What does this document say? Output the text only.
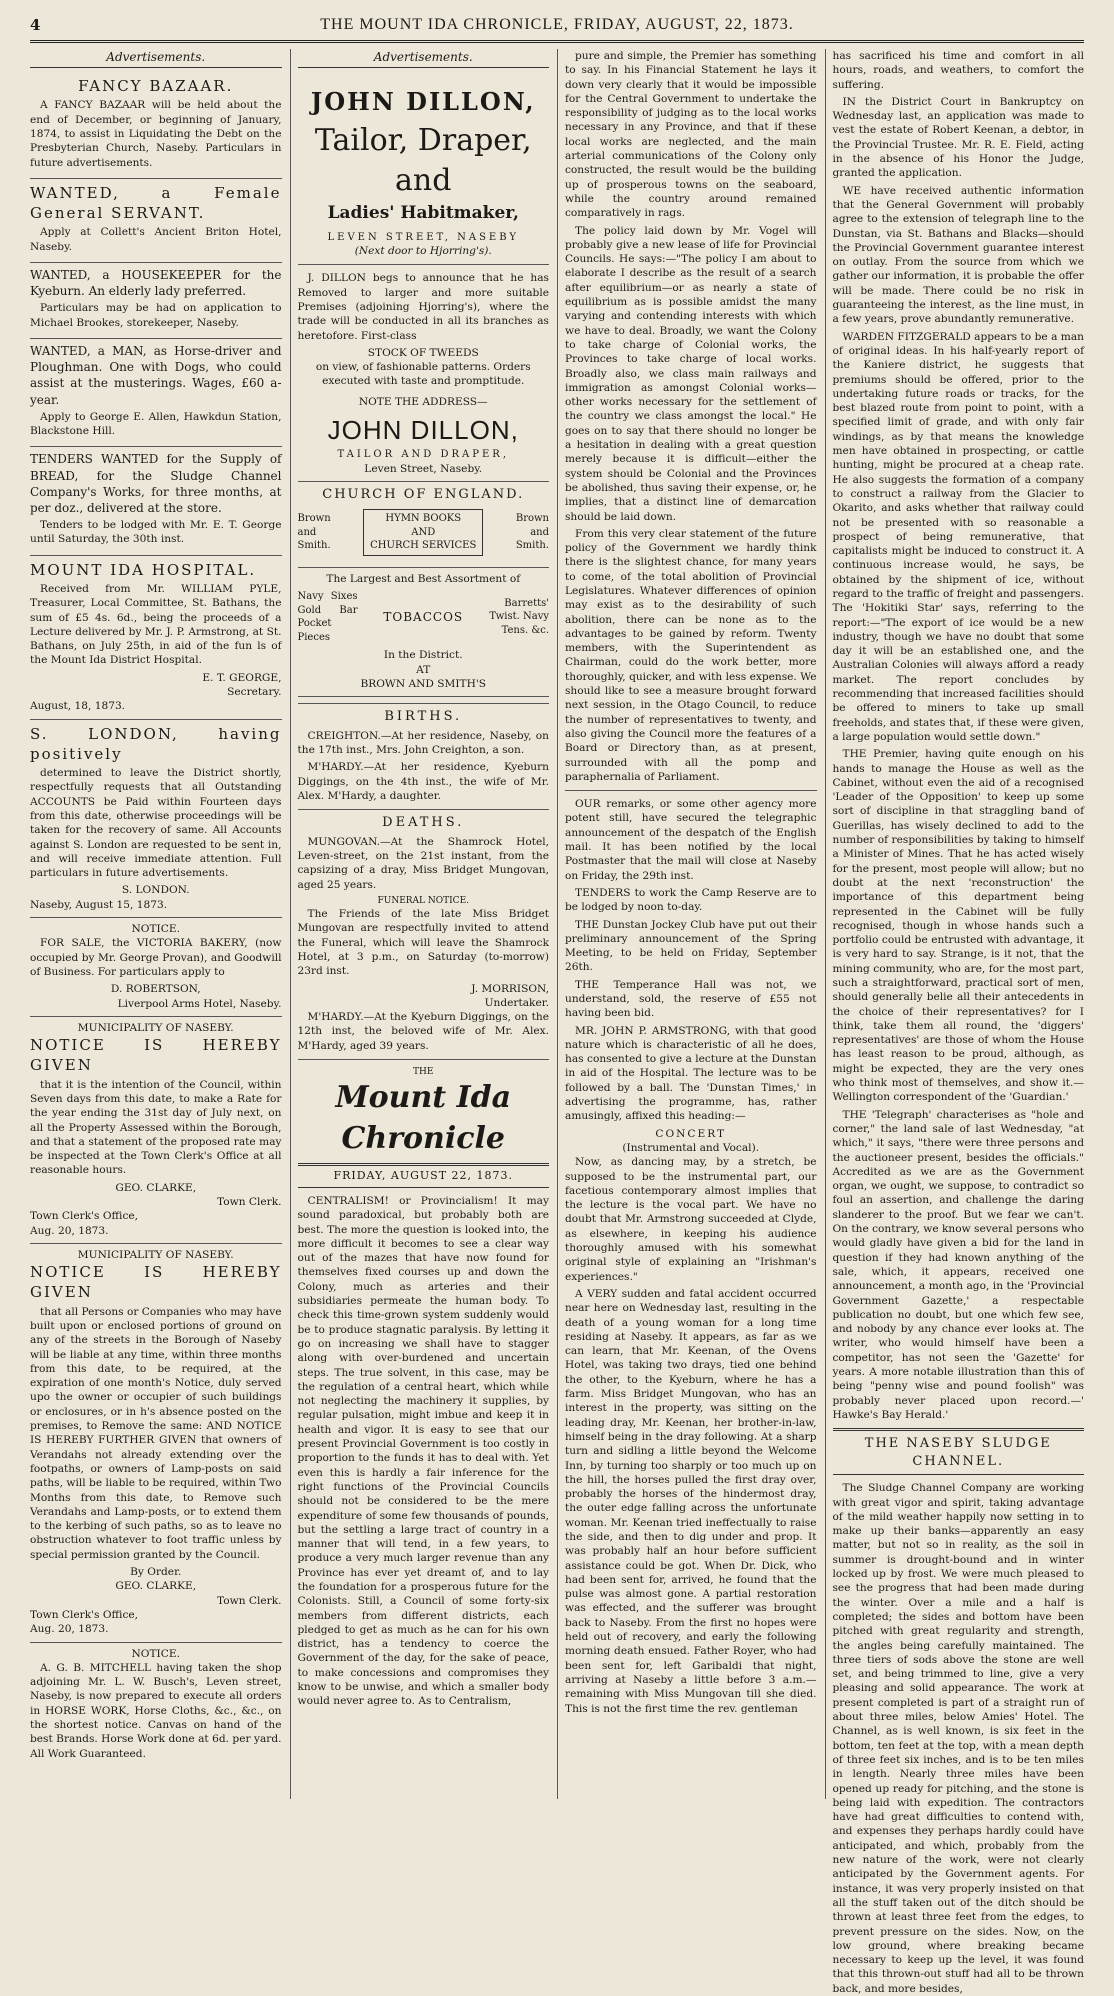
4	THE MOUNT IDA CHRONICLE, FRIDAY, AUGUST, 22, 1873.
Advertisements.
FANCY BAZAAR.

A FANCY BAZAAR will be held about the end of December, or beginning of January, 1874, to assist in Liquidating the Debt on the Presbyterian Church, Naseby. Particulars in future advertisements.

WANTED, a Female General SERVANT.

Apply at Collett's Ancient Briton Hotel, Naseby.

WANTED, a HOUSEKEEPER for the Kyeburn. An elderly lady preferred.

Particulars may be had on application to Michael Brookes, storekeeper, Naseby.

WANTED, a MAN, as Horse-driver and Ploughman. One with Dogs, who could assist at the musterings. Wages, £60 a-year.

Apply to George E. Allen, Hawkdun Station, Blackstone Hill.

TENDERS WANTED for the Supply of BREAD, for the Sludge Channel Company's Works, for three months, at per doz., delivered at the store.

Tenders to be lodged with Mr. E. T. George until Saturday, the 30th inst.

MOUNT IDA HOSPITAL.

Received from Mr. WILLIAM PYLE, Treasurer, Local Committee, St. Bathans, the sum of £5 4s. 6d., being the proceeds of a Lecture delivered by Mr. J. P. Armstrong, at St. Bathans, on July 25th, in aid of the fun ls of the Mount Ida District Hospital.

E. T. GEORGE,
Secretary.
August, 18, 1873.
S. LONDON, having positively

determined to leave the District shortly, respectfully requests that all Outstanding ACCOUNTS be Paid within Fourteen days from this date, otherwise proceedings will be taken for the recovery of same. All Accounts against S. London are requested to be sent in, and will receive immediate attention. Full particulars in future advertisements.

S. LONDON.
Naseby, August 15, 1873.
NOTICE.

FOR SALE, the VICTORIA BAKERY, (now occupied by Mr. George Provan), and Goodwill of Business. For particulars apply to

D. ROBERTSON,
Liverpool Arms Hotel, Naseby.
MUNICIPALITY OF NASEBY.
NOTICE IS HEREBY GIVEN

that it is the intention of the Council, within Seven days from this date, to make a Rate for the year ending the 31st day of July next, on all the Property Assessed within the Borough, and that a statement of the proposed rate may be inspected at the Town Clerk's Office at all reasonable hours.

GEO. CLARKE,
Town Clerk.
Town Clerk's Office,
Aug. 20, 1873.
MUNICIPALITY OF NASEBY.
NOTICE IS HEREBY GIVEN

that all Persons or Companies who may have built upon or enclosed portions of ground on any of the streets in the Borough of Naseby will be liable at any time, within three months from this date, to be required, at the expiration of one month's Notice, duly served upo the owner or occupier of such buildings or enclosures, or in h's absence posted on the premises, to Remove the same: AND NOTICE IS HEREBY FURTHER GIVEN that owners of Verandahs not already extending over the footpaths, or owners of Lamp-posts on said paths, will be liable to be required, within Two Months from this date, to Remove such Verandahs and Lamp-posts, or to extend them to the kerbing of such paths, so as to leave no obstruction whatever to foot traffic unless by special permission granted by the Council.

By Order.
GEO. CLARKE,
Town Clerk.
Town Clerk's Office,
Aug. 20, 1873.
NOTICE.

A. G. B. MITCHELL having taken the shop adjoining Mr. L. W. Busch's, Leven street, Naseby, is now prepared to execute all orders in HORSE WORK, Horse Cloths, &c., &c., on the shortest notice. Canvas on hand of the best Brands. Horse Work done at 6d. per yard. All Work Guaranteed.

Advertisements.
JOHN DILLON,
Tailor, Draper, and
Ladies' Habitmaker,
LEVEN STREET, NASEBY
(Next door to Hjorring's).

J. DILLON begs to announce that he has Removed to larger and more suitable Premises (adjoining Hjorring's), where the trade will be conducted in all its branches as heretofore. First-class

STOCK OF TWEEDS

on view, of fashionable patterns. Orders executed with taste and promptitude.

NOTE THE ADDRESS—
JOHN DILLON,
TAILOR AND DRAPER,
Leven Street, Naseby.
CHURCH OF ENGLAND.
Brown and Smith.
HYMN BOOKS
AND
CHURCH SERVICES
Brown and Smith.
The Largest and Best Assortment of
Navy Sixes Gold Bar Pocket Pieces
TOBACCOS
Barretts' Twist. Navy Tens. &c.
In the District.
AT
BROWN AND SMITH'S
BIRTHS.

CREIGHTON.—At her residence, Naseby, on the 17th inst., Mrs. John Creighton, a son.

M'HARDY.—At her residence, Kyeburn Diggings, on the 4th inst., the wife of Mr. Alex. M'Hardy, a daughter.

DEATHS.

MUNGOVAN.—At the Shamrock Hotel, Leven-street, on the 21st instant, from the capsizing of a dray, Miss Bridget Mungovan, aged 25 years.

FUNERAL NOTICE.

The Friends of the late Miss Bridget Mungovan are respectfully invited to attend the Funeral, which will leave the Shamrock Hotel, at 3 p.m., on Saturday (to-morrow) 23rd inst.

J. MORRISON,
Undertaker.

M'HARDY.—At the Kyeburn Diggings, on the 12th inst, the beloved wife of Mr. Alex. M'Hardy, aged 39 years.

THE
Mount Ida Chronicle
FRIDAY, AUGUST 22, 1873.

CENTRALISM! or Provincialism! It may sound paradoxical, but probably both are best. The more the question is looked into, the more difficult it becomes to see a clear way out of the mazes that have now found for themselves fixed courses up and down the Colony, much as arteries and their subsidiaries permeate the human body. To check this time-grown system suddenly would be to produce stagnatic paralysis. By letting it go on increasing we shall have to stagger along with over-burdened and uncertain steps. The true solvent, in this case, may be the regulation of a central heart, which while not neglecting the machinery it supplies, by regular pulsation, might imbue and keep it in health and vigor. It is easy to see that our present Provincial Government is too costly in proportion to the funds it has to deal with. Yet even this is hardly a fair inference for the right functions of the Provincial Councils should not be considered to be the mere expenditure of some few thousands of pounds, but the settling a large tract of country in a manner that will tend, in a few years, to produce a very much larger revenue than any Province has ever yet dreamt of, and to lay the foundation for a prosperous future for the Colonists. Still, a Council of some forty-six members from different districts, each pledged to get as much as he can for his own district, has a tendency to coerce the Government of the day, for the sake of peace, to make concessions and compromises they know to be unwise, and which a smaller body would never agree to. As to Centralism,

pure and simple, the Premier has something to say. In his Financial Statement he lays it down very clearly that it would be impossible for the Central Government to undertake the responsibility of judging as to the local works necessary in any Province, and that if these local works are neglected, and the main arterial communications of the Colony only constructed, the result would be the building up of prosperous towns on the seaboard, while the country around remained comparatively in rags.

The policy laid down by Mr. Vogel will probably give a new lease of life for Provincial Councils. He says:—"The policy I am about to elaborate I describe as the result of a search after equilibrium—or as nearly a state of equilibrium as is possible amidst the many varying and contending interests with which we have to deal. Broadly, we want the Colony to take charge of Colonial works, the Provinces to take charge of local works. Broadly also, we class main railways and immigration as amongst Colonial works—other works necessary for the settlement of the country we class amongst the local." He goes on to say that there should no longer be a hesitation in dealing with a great question merely because it is difficult—either the system should be Colonial and the Provinces be abolished, thus saving their expense, or, he implies, that a distinct line of demarcation should be laid down.

From this very clear statement of the future policy of the Government we hardly think there is the slightest chance, for many years to come, of the total abolition of Provincial Legislatures. Whatever differences of opinion may exist as to the desirability of such abolition, there can be none as to the advantages to be gained by reform. Twenty members, with the Superintendent as Chairman, could do the work better, more thoroughly, quicker, and with less expense. We should like to see a measure brought forward next session, in the Otago Council, to reduce the number of representatives to twenty, and also giving the Council more the features of a Board or Directory than, as at present, surrounded with all the pomp and paraphernalia of Parliament.

OUR remarks, or some other agency more potent still, have secured the telegraphic announcement of the despatch of the English mail. It has been notified by the local Postmaster that the mail will close at Naseby on Friday, the 29th inst.

TENDERS to work the Camp Reserve are to be lodged by noon to-day.

THE Dunstan Jockey Club have put out their preliminary announcement of the Spring Meeting, to be held on Friday, September 26th.

THE Temperance Hall was not, we understand, sold, the reserve of £55 not having been bid.

MR. JOHN P. ARMSTRONG, with that good nature which is characteristic of all he does, has consented to give a lecture at the Dunstan in aid of the Hospital. The lecture was to be followed by a ball. The 'Dunstan Times,' in advertising the programme, has, rather amusingly, affixed this heading:—

CONCERT
(Instrumental and Vocal).

Now, as dancing may, by a stretch, be supposed to be the instrumental part, our facetious contemporary almost implies that the lecture is the vocal part. We have no doubt that Mr. Armstrong succeeded at Clyde, as elsewhere, in keeping his audience thoroughly amused with his somewhat original style of explaining an "Irishman's experiences."

A VERY sudden and fatal accident occurred near here on Wednesday last, resulting in the death of a young woman for a long time residing at Naseby. It appears, as far as we can learn, that Mr. Keenan, of the Ovens Hotel, was taking two drays, tied one behind the other, to the Kyeburn, where he has a farm. Miss Bridget Mungovan, who has an interest in the property, was sitting on the leading dray, Mr. Keenan, her brother-in-law, himself being in the dray following. At a sharp turn and sidling a little beyond the Welcome Inn, by turning too sharply or too much up on the hill, the horses pulled the first dray over, probably the horses of the hindermost dray, the outer edge falling across the unfortunate woman. Mr. Keenan tried ineffectually to raise the side, and then to dig under and prop. It was probably half an hour before sufficient assistance could be got. When Dr. Dick, who had been sent for, arrived, he found that the pulse was almost gone. A partial restoration was effected, and the sufferer was brought back to Naseby. From the first no hopes were held out of recovery, and early the following morning death ensued. Father Royer, who had been sent for, left Garibaldi that night, arriving at Naseby a little before 3 a.m.—remaining with Miss Mungovan till she died. This is not the first time the rev. gentleman

has sacrificed his time and comfort in all hours, roads, and weathers, to comfort the suffering.

IN the District Court in Bankruptcy on Wednesday last, an application was made to vest the estate of Robert Keenan, a debtor, in the Provincial Trustee. Mr. R. E. Field, acting in the absence of his Honor the Judge, granted the application.

WE have received authentic information that the General Government will probably agree to the extension of telegraph line to the Dunstan, via St. Bathans and Blacks—should the Provincial Government guarantee interest on outlay. From the source from which we gather our information, it is probable the offer will be made. There could be no risk in guaranteeing the interest, as the line must, in a few years, prove abundantly remunerative.

WARDEN FITZGERALD appears to be a man of original ideas. In his half-yearly report of the Kaniere district, he suggests that premiums should be offered, prior to the undertaking future roads or tracks, for the best blazed route from point to point, with a specified limit of grade, and with only fair windings, as by that means the knowledge men have obtained in prospecting, or cattle hunting, might be procured at a cheap rate. He also suggests the formation of a company to construct a railway from the Glacier to Okarito, and asks whether that railway could not be presented with so reasonable a prospect of being remunerative, that capitalists might be induced to construct it. A continuous increase would, he says, be obtained by the shipment of ice, without regard to the traffic of freight and passengers. The 'Hokitiki Star' says, referring to the report:—"The export of ice would be a new industry, though we have no doubt that some day it will be an established one, and the Australian Colonies will always afford a ready market. The report concludes by recommending that increased facilities should be offered to miners to take up small freeholds, and states that, if these were given, a large population would settle down."

THE Premier, having quite enough on his hands to manage the House as well as the Cabinet, without even the aid of a recognised 'Leader of the Opposition' to keep up some sort of discipline in that straggling band of Guerillas, has wisely declined to add to the number of responsibilities by taking to himself a Minister of Mines. That he has acted wisely for the present, most people will allow; but no doubt at the next 'reconstruction' the importance of this department being represented in the Cabinet will be fully recognised, though in whose hands such a portfolio could be entrusted with advantage, it is very hard to say. Strange, is it not, that the mining community, who are, for the most part, such a straightforward, practical sort of men, should generally belie all their antecedents in the choice of their representatives? for I think, take them all round, the 'diggers' representatives' are those of whom the House has least reason to be proud, although, as might be expected, they are the very ones who think most of themselves, and show it.—Wellington correspondent of the 'Guardian.'

THE 'Telegraph' characterises as "hole and corner," the land sale of last Wednesday, "at which," it says, "there were three persons and the auctioneer present, besides the officials." Accredited as we are as the Government organ, we ought, we suppose, to contradict so foul an assertion, and challenge the daring slanderer to the proof. But we fear we can't. On the contrary, we know several persons who would gladly have given a bid for the land in question if they had known anything of the sale, which, it appears, received one announcement, a month ago, in the 'Provincial Government Gazette,' a respectable publication no doubt, but one which few see, and nobody by any chance ever looks at. The writer, who would himself have been a competitor, has not seen the 'Gazette' for years. A more notable illustration than this of being "penny wise and pound foolish" was probably never placed upon record.—' Hawke's Bay Herald.'

THE NASEBY SLUDGE CHANNEL.

The Sludge Channel Company are working with great vigor and spirit, taking advantage of the mild weather happily now setting in to make up their banks—apparently an easy matter, but not so in reality, as the soil in summer is drought-bound and in winter locked up by frost. We were much pleased to see the progress that had been made during the winter. Over a mile and a half is completed; the sides and bottom have been pitched with great regularity and strength, the angles being carefully maintained. The three tiers of sods above the stone are well set, and being trimmed to line, give a very pleasing and solid appearance. The work at present completed is part of a straight run of about three miles, below Amies' Hotel. The Channel, as is well known, is six feet in the bottom, ten feet at the top, with a mean depth of three feet six inches, and is to be ten miles in length. Nearly three miles have been opened up ready for pitching, and the stone is being laid with expedition. The contractors have had great difficulties to contend with, and expenses they perhaps hardly could have anticipated, and which, probably from the new nature of the work, were not clearly anticipated by the Government agents. For instance, it was very properly insisted on that all the stuff taken out of the ditch should be thrown at least three feet from the edges, to prevent pressure on the sides. Now, on the low ground, where breaking became necessary to keep up the level, it was found that this thrown-out stuff had all to be thrown back, and more besides,
